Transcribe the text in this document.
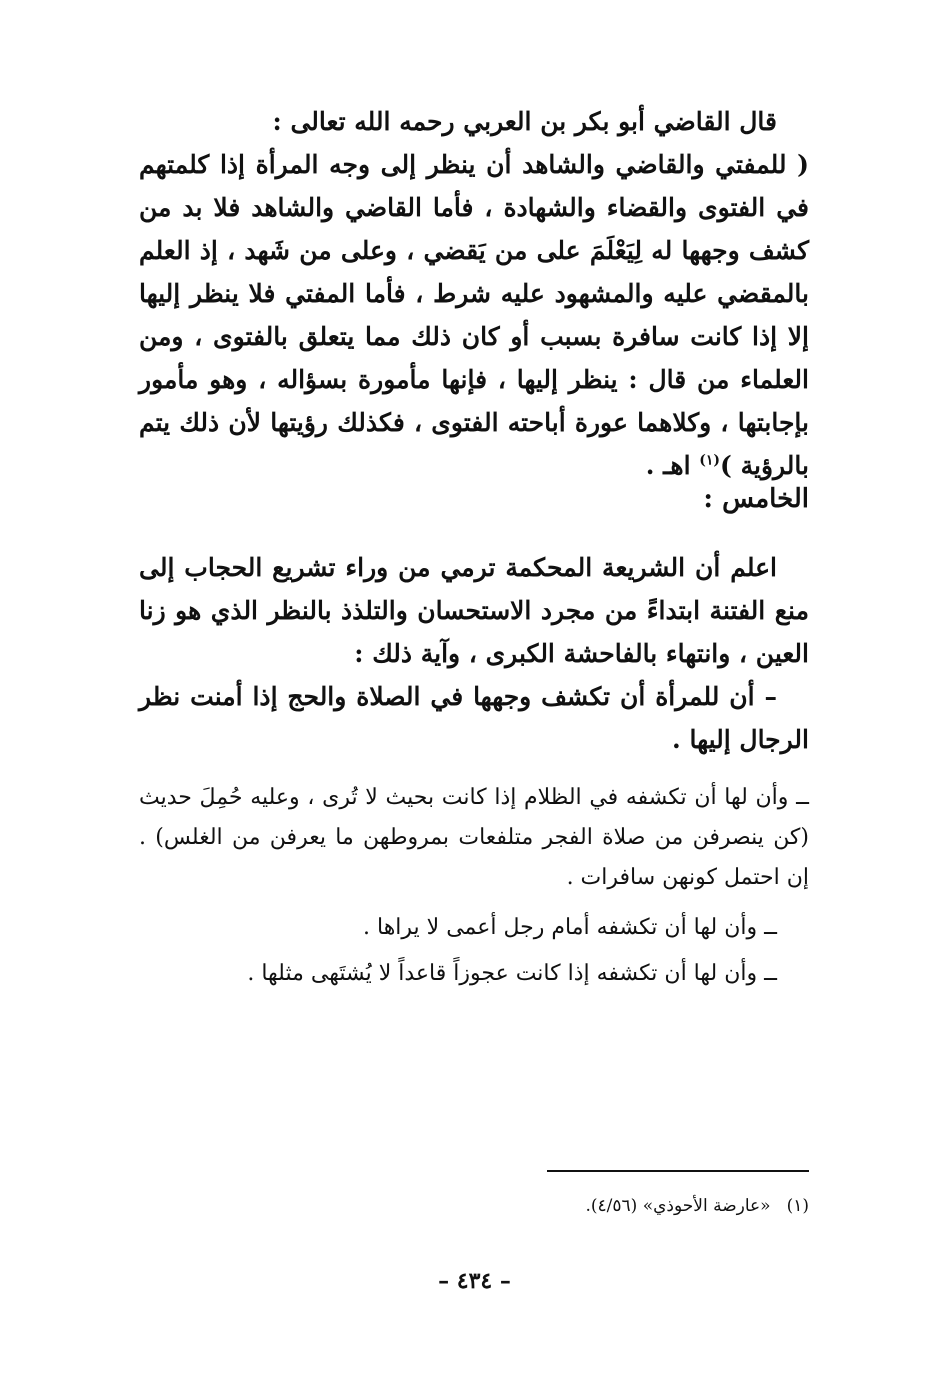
قال القاضي أبو بكر بن العربي رحمه الله تعالى :

( للمفتي والقاضي والشاهد أن ينظر إلى وجه المرأة إذا كلمتهم في الفتوى والقضاء والشهادة ، فأما القاضي والشاهد فلا بد من كشف وجهها له لِيَعْلَمَ على من يَقضي ، وعلى من شَهد ، إذ العلم بالمقضي عليه والمشهود عليه شرط ، فأما المفتي فلا ينظر إليها إلا إذا كانت سافرة بسبب أو كان ذلك مما يتعلق بالفتوى ، ومن العلماء من قال : ينظر إليها ، فإنها مأمورة بسؤاله ، وهو مأمور بإجابتها ، وكلاهما عورة أباحته الفتوى ، فكذلك رؤيتها لأن ذلك يتم بالرؤية )$^{(١)}$ اهـ .

الخامس :

اعلم أن الشريعة المحكمة ترمي من وراء تشريع الحجاب إلى منع الفتنة ابتداءً من مجرد الاستحسان والتلذذ بالنظر الذي هو زنا العين ، وانتهاء بالفاحشة الكبرى ، وآية ذلك :

– أن للمرأة أن تكشف وجهها في الصلاة والحج إذا أمنت نظر الرجال إليها .

ــ وأن لها أن تكشفه في الظلام إذا كانت بحيث لا تُرى ، وعليه حُمِلَ حديث (كن ينصرفن من صلاة الفجر متلفعات بمروطهن ما يعرفن من الغلس) . إن احتمل كونهن سافرات .

ــ وأن لها أن تكشفه أمام رجل أعمى لا يراها .

ــ وأن لها أن تكشفه إذا كانت عجوزاً قاعداً لا يُشتَهى مثلها .

(١)«عارضة الأحوذي» (٤/٥٦).
– ٤٣٤ –
